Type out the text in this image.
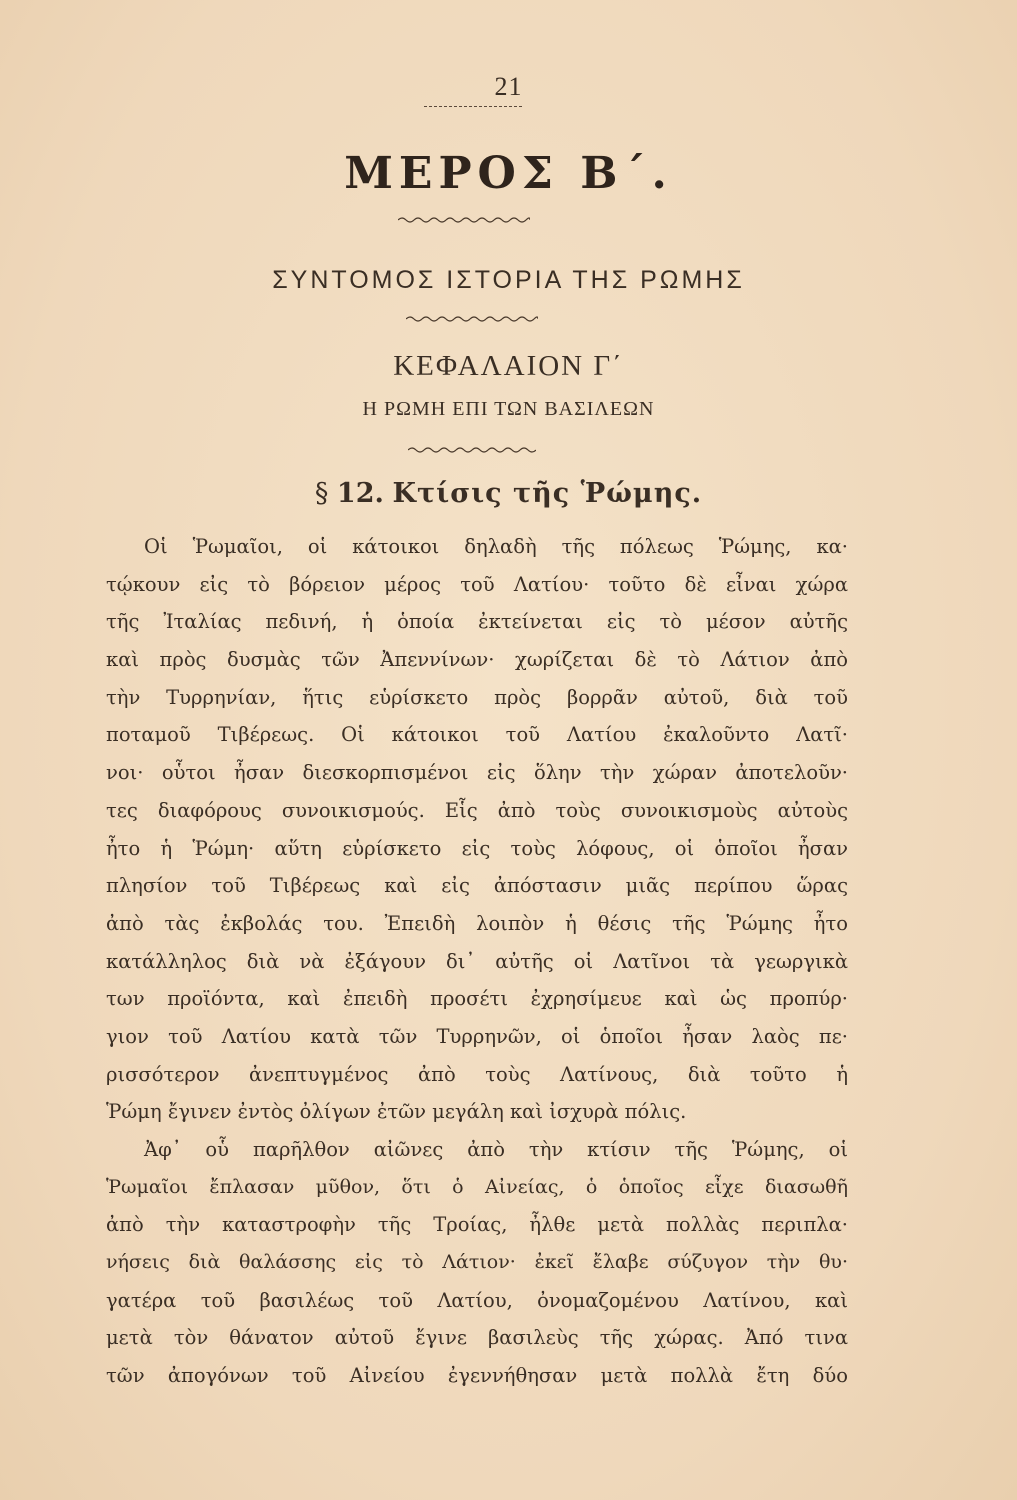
21
ΜΕΡΟΣ Β΄.
ΣΥΝΤΟΜΟΣ ΙΣΤΟΡΙΑ ΤΗΣ ΡΩΜΗΣ
ΚΕΦΑΛΑΙΟΝ Γ΄
Η ΡΩΜΗ ΕΠΙ ΤΩΝ ΒΑΣΙΛΕΩΝ
§ 12. Κτίσις τῆς Ῥώμης.
Οἱ Ῥωμαῖοι, οἱ κάτοικοι δηλαδὴ τῆς πόλεως Ῥώμης, κα·
τῴκουν εἰς τὸ βόρειον μέρος τοῦ Λατίου· τοῦτο δὲ εἶναι χώρα
τῆς Ἰταλίας πεδινή, ἡ ὁποία ἐκτείνεται εἰς τὸ μέσον αὐτῆς
καὶ πρὸς δυσμὰς τῶν Ἀπεννίνων· χωρίζεται δὲ τὸ Λάτιον ἀπὸ
τὴν Τυρρηνίαν, ἥτις εὑρίσκετο πρὸς βορρᾶν αὐτοῦ, διὰ τοῦ
ποταμοῦ Τιβέρεως. Οἱ κάτοικοι τοῦ Λατίου ἐκαλοῦντο Λατῖ·
νοι· οὗτοι ἦσαν διεσκορπισμένοι εἰς ὅλην τὴν χώραν ἀποτελοῦν·
τες διαφόρους συνοικισμούς. Εἷς ἀπὸ τοὺς συνοικισμοὺς αὐτοὺς
ἦτο ἡ Ῥώμη· αὕτη εὑρίσκετο εἰς τοὺς λόφους, οἱ ὁποῖοι ἦσαν
πλησίον τοῦ Τιβέρεως καὶ εἰς ἀπόστασιν μιᾶς περίπου ὥρας
ἀπὸ τὰς ἐκβολάς του. Ἐπειδὴ λοιπὸν ἡ θέσις τῆς Ῥώμης ἦτο
κατάλληλος διὰ νὰ ἐξάγουν δι᾽ αὐτῆς οἱ Λατῖνοι τὰ γεωργικὰ
των προϊόντα, καὶ ἐπειδὴ προσέτι ἐχρησίμευε καὶ ὡς προπύρ·
γιον τοῦ Λατίου κατὰ τῶν Τυρρηνῶν, οἱ ὁποῖοι ἦσαν λαὸς πε·
ρισσότερον ἀνεπτυγμένος ἀπὸ τοὺς Λατίνους, διὰ τοῦτο ἡ
Ῥώμη ἔγινεν ἐντὸς ὀλίγων ἐτῶν μεγάλη καὶ ἰσχυρὰ πόλις.
Ἀφ᾽ οὗ παρῆλθον αἰῶνες ἀπὸ τὴν κτίσιν τῆς Ῥώμης, οἱ
Ῥωμαῖοι ἔπλασαν μῦθον, ὅτι ὁ Αἰνείας, ὁ ὁποῖος εἶχε διασωθῆ
ἀπὸ τὴν καταστροφὴν τῆς Τροίας, ἦλθε μετὰ πολλὰς περιπλα·
νήσεις διὰ θαλάσσης εἰς τὸ Λάτιον· ἐκεῖ ἔλαβε σύζυγον τὴν θυ·
γατέρα τοῦ βασιλέως τοῦ Λατίου, ὀνομαζομένου Λατίνου, καὶ
μετὰ τὸν θάνατον αὐτοῦ ἔγινε βασιλεὺς τῆς χώρας. Ἀπό τινα
τῶν ἀπογόνων τοῦ Αἰνείου ἐγεννήθησαν μετὰ πολλὰ ἔτη δύο
